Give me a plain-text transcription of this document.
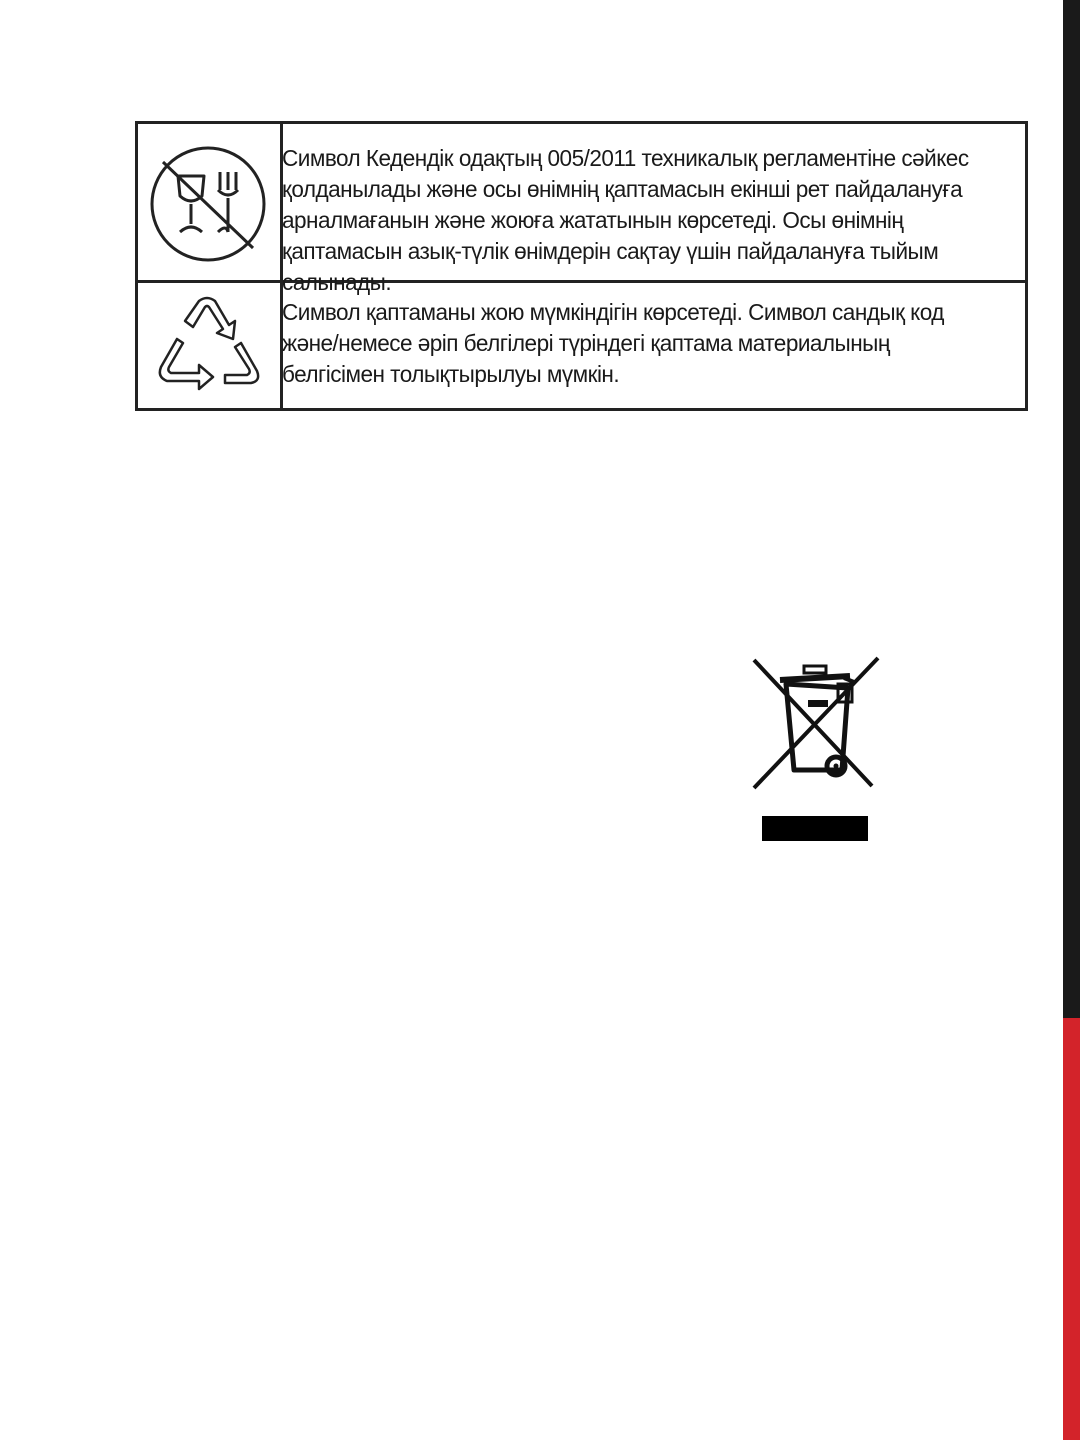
Символ Кедендік одақтың 005/2011 техникалық регламентіне сәйкес қолданылады және осы өнімнің қаптамасын екінші рет пайдалануға арналмағанын және жоюға жататынын көрсетеді. Осы өнімнің қаптамасын азық-түлік өнімдерін сақтау үшін пайдалануға тыйым салынады.
Символ қаптаманы жою мүмкіндігін көрсетеді. Символ сандық код және/немесе әріп белгілері түріндегі қаптама материалының белгісімен толықтырылуы мүмкін.
